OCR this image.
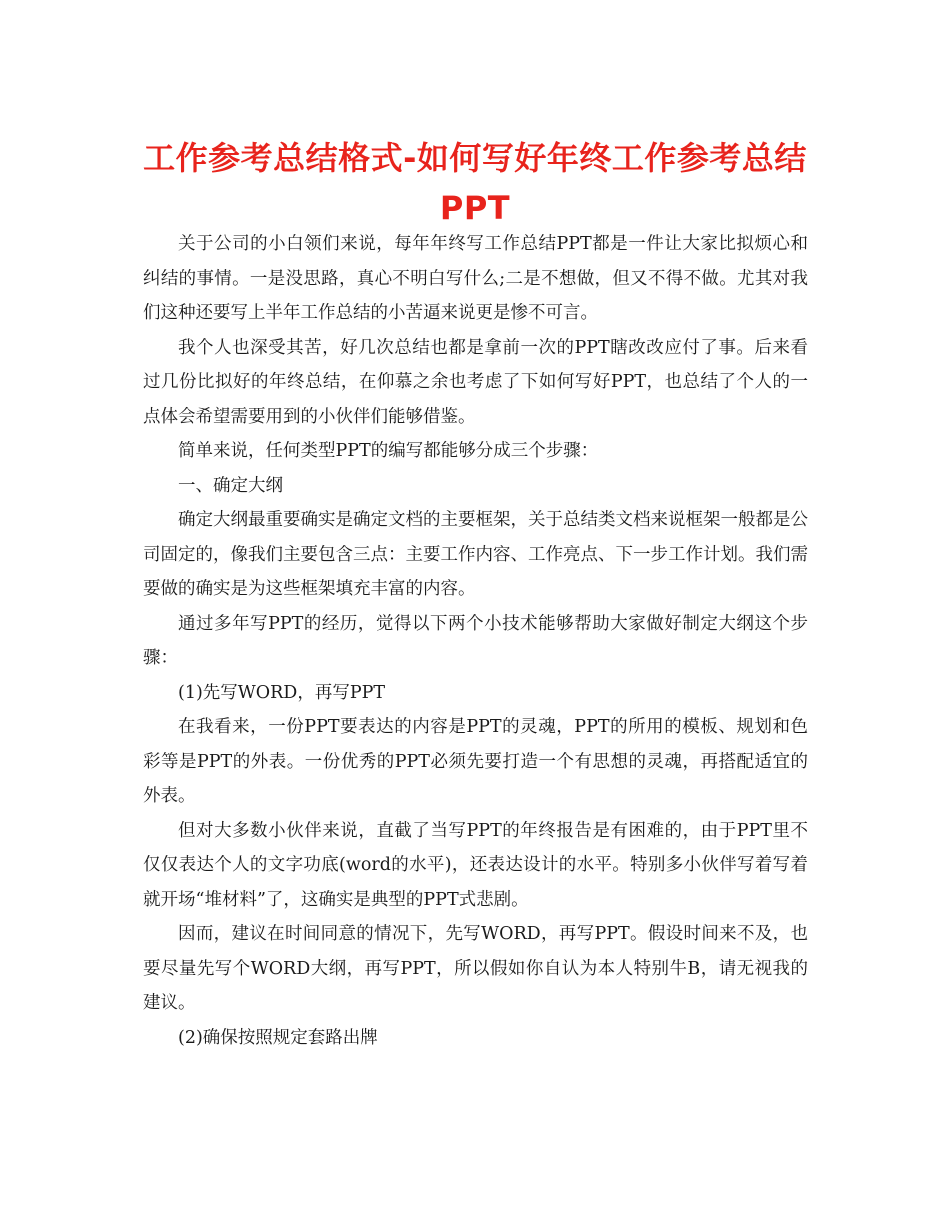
工作参考总结格式-如何写好年终工作参考总结PPT

关于公司的小白领们来说，每年年终写工作总结PPT都是一件让大家比拟烦心和纠结的事情。一是没思路，真心不明白写什么;二是不想做，但又不得不做。尤其对我们这种还要写上半年工作总结的小苦逼来说更是惨不可言。

我个人也深受其苦，好几次总结也都是拿前一次的PPT瞎改改应付了事。后来看过几份比拟好的年终总结，在仰慕之余也考虑了下如何写好PPT，也总结了个人的一点体会希望需要用到的小伙伴们能够借鉴。

简单来说，任何类型PPT的编写都能够分成三个步骤：

一、确定大纲

确定大纲最重要确实是确定文档的主要框架，关于总结类文档来说框架一般都是公司固定的，像我们主要包含三点：主要工作内容、工作亮点、下一步工作计划。我们需要做的确实是为这些框架填充丰富的内容。

通过多年写PPT的经历，觉得以下两个小技术能够帮助大家做好制定大纲这个步骤：

(1)先写WORD，再写PPT

在我看来，一份PPT要表达的内容是PPT的灵魂，PPT的所用的模板、规划和色彩等是PPT的外表。一份优秀的PPT必须先要打造一个有思想的灵魂，再搭配适宜的外表。

但对大多数小伙伴来说，直截了当写PPT的年终报告是有困难的，由于PPT里不仅仅表达个人的文字功底(word的水平)，还表达设计的水平。特别多小伙伴写着写着就开场“堆材料”了，这确实是典型的PPT式悲剧。

因而，建议在时间同意的情况下，先写WORD，再写PPT。假设时间来不及，也要尽量先写个WORD大纲，再写PPT，所以假如你自认为本人特别牛B，请无视我的建议。

(2)确保按照规定套路出牌
